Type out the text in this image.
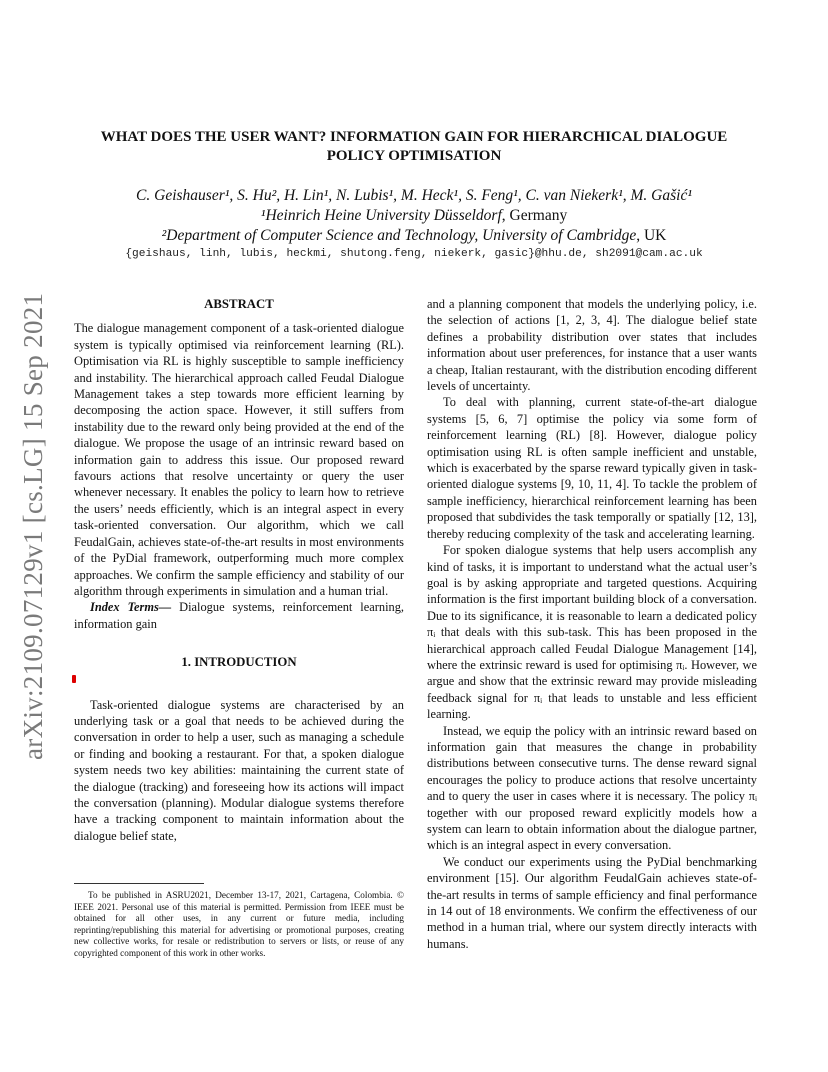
arXiv:2109.07129v1 [cs.LG] 15 Sep 2021
WHAT DOES THE USER WANT? INFORMATION GAIN FOR HIERARCHICAL DIALOGUE
POLICY OPTIMISATION
C. Geishauser¹, S. Hu², H. Lin¹, N. Lubis¹, M. Heck¹, S. Feng¹, C. van Niekerk¹, M. Gašić¹
¹Heinrich Heine University Düsseldorf, Germany
²Department of Computer Science and Technology, University of Cambridge, UK
{geishaus, linh, lubis, heckmi, shutong.feng, niekerk, gasic}@hhu.de, sh2091@cam.ac.uk
ABSTRACT

The dialogue management component of a task-oriented dialogue system is typically optimised via reinforcement learning (RL). Optimisation via RL is highly susceptible to sample inefficiency and instability. The hierarchical approach called Feudal Dialogue Management takes a step towards more efficient learning by decomposing the action space. However, it still suffers from instability due to the reward only being provided at the end of the dialogue. We propose the usage of an intrinsic reward based on information gain to address this issue. Our proposed reward favours actions that resolve uncertainty or query the user whenever necessary. It enables the policy to learn how to retrieve the users’ needs efficiently, which is an integral aspect in every task-oriented conversation. Our algorithm, which we call FeudalGain, achieves state-of-the-art results in most environments of the PyDial framework, outperforming much more complex approaches. We confirm the sample efficiency and stability of our algorithm through experiments in simulation and a human trial.

Index Terms— Dialogue systems, reinforcement learning, information gain

1. INTRODUCTION

Task-oriented dialogue systems are characterised by an underlying task or a goal that needs to be achieved during the conversation in order to help a user, such as managing a schedule or finding and booking a restaurant. For that, a spoken dialogue system needs two key abilities: maintaining the current state of the dialogue (tracking) and foreseeing how its actions will impact the conversation (planning). Modular dialogue systems therefore have a tracking component to maintain information about the dialogue belief state,

To be published in ASRU2021, December 13-17, 2021, Cartagena, Colombia. © IEEE 2021. Personal use of this material is permitted. Permission from IEEE must be obtained for all other uses, in any current or future media, including reprinting/republishing this material for advertising or promotional purposes, creating new collective works, for resale or redistribution to servers or lists, or reuse of any copyrighted component of this work in other works.

and a planning component that models the underlying policy, i.e. the selection of actions [1, 2, 3, 4]. The dialogue belief state defines a probability distribution over states that includes information about user preferences, for instance that a user wants a cheap, Italian restaurant, with the distribution encoding different levels of uncertainty.

To deal with planning, current state-of-the-art dialogue systems [5, 6, 7] optimise the policy via some form of reinforcement learning (RL) [8]. However, dialogue policy optimisation using RL is often sample inefficient and unstable, which is exacerbated by the sparse reward typically given in task-oriented dialogue systems [9, 10, 11, 4]. To tackle the problem of sample inefficiency, hierarchical reinforcement learning has been proposed that subdivides the task temporally or spatially [12, 13], thereby reducing complexity of the task and accelerating learning.

For spoken dialogue systems that help users accomplish any kind of tasks, it is important to understand what the actual user’s goal is by asking appropriate and targeted questions. Acquiring information is the first important building block of a conversation. Due to its significance, it is reasonable to learn a dedicated policy πᵢ that deals with this sub-task. This has been proposed in the hierarchical approach called Feudal Dialogue Management [14], where the extrinsic reward is used for optimising πᵢ. However, we argue and show that the extrinsic reward may provide misleading feedback signal for πᵢ that leads to unstable and less efficient learning.

Instead, we equip the policy with an intrinsic reward based on information gain that measures the change in probability distributions between consecutive turns. The dense reward signal encourages the policy to produce actions that resolve uncertainty and to query the user in cases where it is necessary. The policy πᵢ together with our proposed reward explicitly models how a system can learn to obtain information about the dialogue partner, which is an integral aspect in every conversation.

We conduct our experiments using the PyDial benchmarking environment [15]. Our algorithm FeudalGain achieves state-of-the-art results in terms of sample efficiency and final performance in 14 out of 18 environments. We confirm the effectiveness of our method in a human trial, where our system directly interacts with humans.
